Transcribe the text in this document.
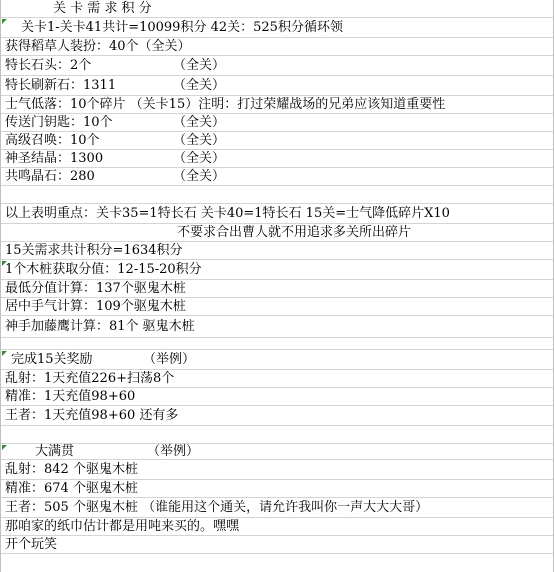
关 卡 需 求 积 分
关卡1-关卡41共计=10099积分 42关：525积分循环领
获得稻草人装扮：40个（全关）
特长石头：2个	（全关）
特长刷新石：1311	（全关）
士气低落：10个碎片 （关卡15）注明：打过荣耀战场的兄弟应该知道重要性
传送门钥匙：10个	（全关）
高级召唤：10个	（全关）
神圣结晶：1300	（全关）
共鸣晶石：280	（全关）
以上表明重点：关卡35=1特长石 关卡40=1特长石 15关=士气降低碎片X10
不要求合出曹人就不用追求多关所出碎片
15关需求共计积分=1634积分
1个木桩获取分值：12-15-20积分
最低分值计算：137个驱鬼木桩
居中手气计算：109个驱鬼木桩
神手加藤鹰计算：81个 驱鬼木桩
完成15关奖励	（举例）
乱射：1天充值226+扫荡8个
精准：1天充值98+60
王者：1天充值98+60 还有多
大满贯	（举例）
乱射：842 个驱鬼木桩
精准：674 个驱鬼木桩
王者：505 个驱鬼木桩 （谁能用这个通关，请允许我叫你一声大大大哥）
那咱家的纸巾估计都是用吨来买的。嘿嘿
开个玩笑
